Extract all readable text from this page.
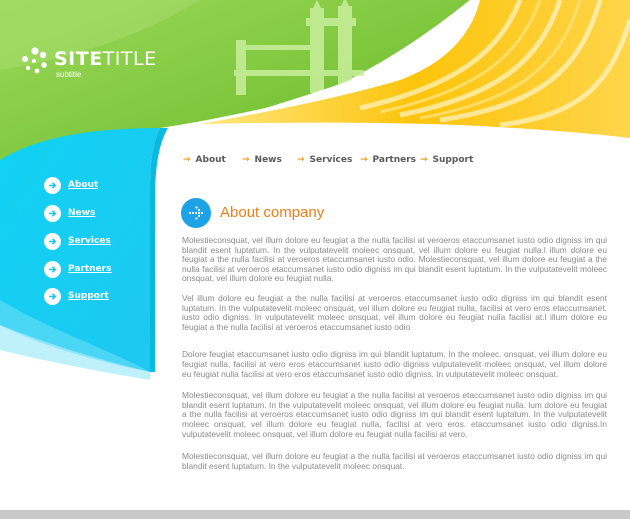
SITETITLE
subtitle
→ About → News → Services → Partners → Support
About
News
Services
Partners
Support
About company

Molestieconsquat, vel illum dolore eu feugiat a the nulla facilisi at veroeros etaccumsanet iusto odio digniss im qui blandit esent luptatum. In the vulputatevelit moleec onsquat, vel illum dolore eu feugiat nulla.l illum dolore eu feugiat a the nulla facilisi at veroeros etaccumsanet iusto odio. Molestieconsquat, vel illum dolore eu feugiat a the nulla facilisi at veroeros etaccumsanet iusto odio digniss im qui blandit esent luptatum. In the vulputatevelit moleec onsquat, vel illum dolore eu feugiat nulla.

Vel illum dolore eu feugiat a the nulla facilisi at veroeros etaccumsanet iusto odio digniss im qui blandit esent luptatum. In the vulputatevelit moleec onsquat, vel illum dolore eu feugiat nulla, facilisi at vero eros etaccumsanet. iusto odio digniss. In vulputatevelit moleec onsquat, vel illum dolore eu feugiat nulla facilisi at.l illum dolore eu feugiat a the nulla facilisi at veroeros etaccumsanet iusto odio

Dolore feugiat etaccumsanet iusto odio digniss im qui blandit luptatum. In the moleec. onsquat, vel illum dolore eu feugiat nulla, facilisi at vero eros etaccumsanet iusto odio digniss vulputatevelit moleec onsquat, vel illum dolore eu feugiat nulla facilisi at vero eros etaccumsanet iusto odio digniss. In vulputatevelit moleec onsquat.

Molestieconsquat, vel illum dolore eu feugiat a the nulla facilisi at veroeros etaccumsanet iusto odio digniss im qui blandit esent luptatum. In the vulputatevelit moleec onsquat, vel illum dolore eu feugiat nulla. lum dolore eu feugiat a the nulla facilisi at veroeros etaccumsanet iusto odio digniss im qui blandit esent luptatum. In the vulputatevelit moleec onsquat, vel illum dolore eu feugiat nulla, facilisi at vero eros. etaccumsanet iusto odio digniss.In vulputatevelit moleec onsquat, vel illum dolore eu feugiat nulla facilisi at vero.

Molestieconsquat, vel illum dolore eu feugiat a the nulla facilisi at veroeros etaccumsanet iusto odio digniss im qui blandit esent luptatum. In the vulputatevelit moleec onsquat.
